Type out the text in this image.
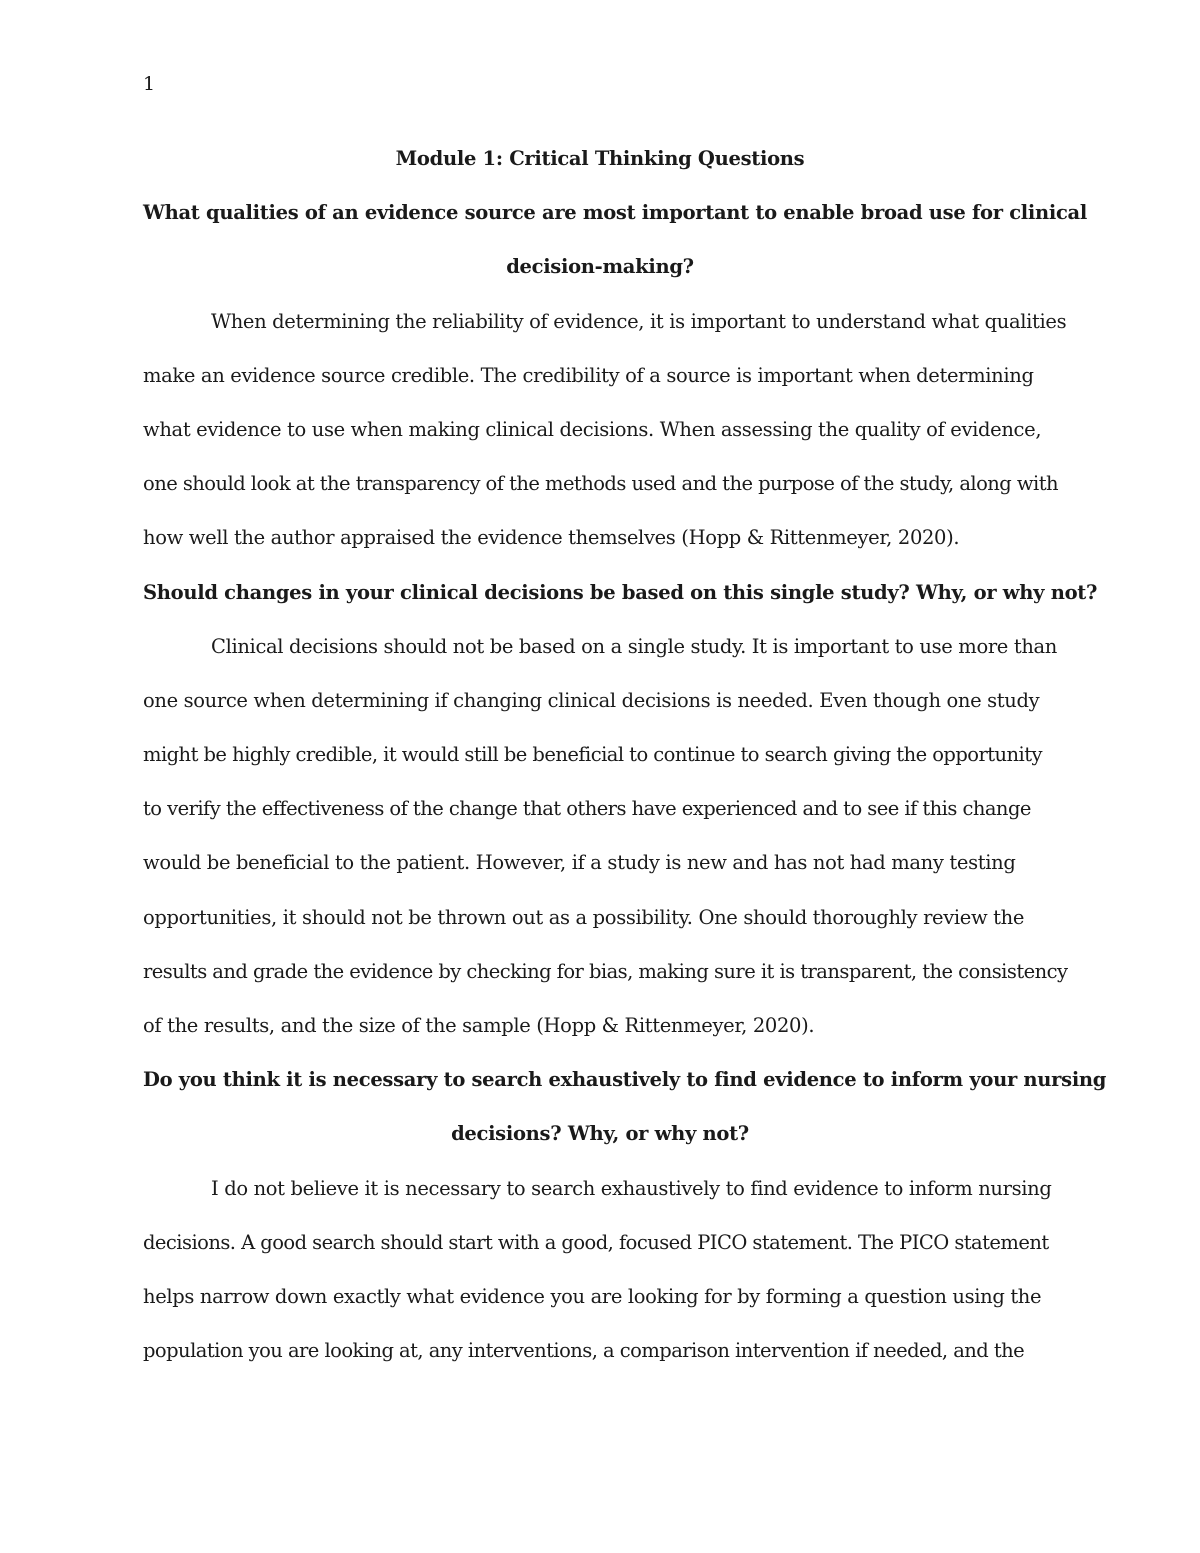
1
Module 1: Critical Thinking Questions
What qualities of an evidence source are most important to enable broad use for clinical
decision-making?
When determining the reliability of evidence, it is important to understand what qualities
make an evidence source credible. The credibility of a source is important when determining
what evidence to use when making clinical decisions. When assessing the quality of evidence,
one should look at the transparency of the methods used and the purpose of the study, along with
how well the author appraised the evidence themselves (Hopp & Rittenmeyer, 2020).
Should changes in your clinical decisions be based on this single study? Why, or why not?
Clinical decisions should not be based on a single study. It is important to use more than
one source when determining if changing clinical decisions is needed. Even though one study
might be highly credible, it would still be beneficial to continue to search giving the opportunity
to verify the effectiveness of the change that others have experienced and to see if this change
would be beneficial to the patient. However, if a study is new and has not had many testing
opportunities, it should not be thrown out as a possibility. One should thoroughly review the
results and grade the evidence by checking for bias, making sure it is transparent, the consistency
of the results, and the size of the sample (Hopp & Rittenmeyer, 2020).
Do you think it is necessary to search exhaustively to find evidence to inform your nursing
decisions? Why, or why not?
I do not believe it is necessary to search exhaustively to find evidence to inform nursing
decisions. A good search should start with a good, focused PICO statement. The PICO statement
helps narrow down exactly what evidence you are looking for by forming a question using the
population you are looking at, any interventions, a comparison intervention if needed, and the
